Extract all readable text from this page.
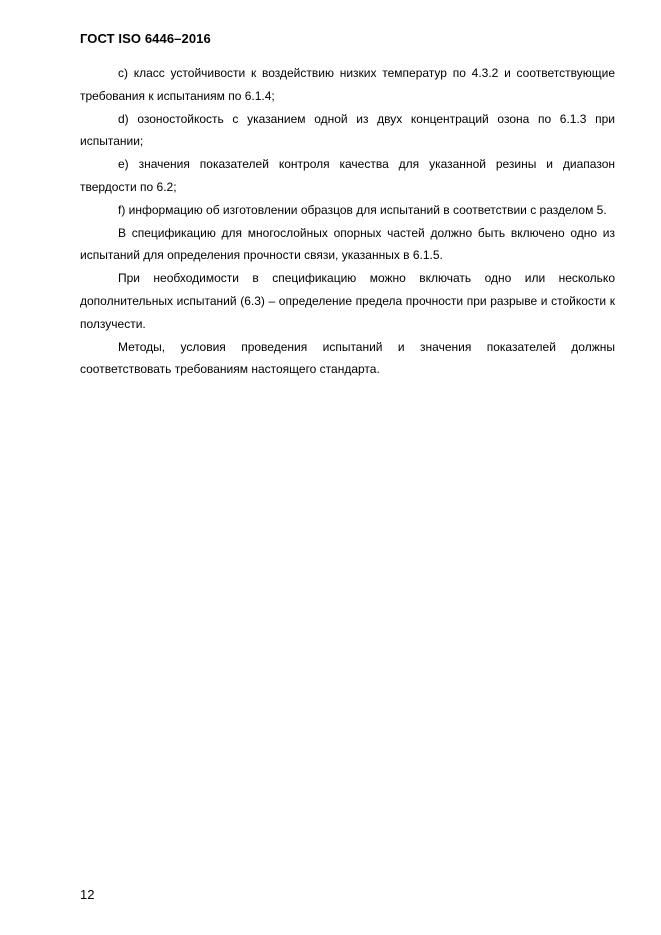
ГОСТ ISO 6446–2016

с) класс устойчивости к воздействию низких температур по 4.3.2 и соответствующие требования к испытаниям по 6.1.4;

d) озоностойкость с указанием одной из двух концентраций озона по 6.1.3 при испытании;

е) значения показателей контроля качества для указанной резины и диапазон твердости по 6.2;

f) информацию об изготовлении образцов для испытаний в соответствии с разделом 5.

В спецификацию для многослойных опорных частей должно быть включено одно из испытаний для определения прочности связи, указанных в 6.1.5.

При необходимости в спецификацию можно включать одно или несколько дополнительных испытаний (6.3) – определение предела прочности при разрыве и стойкости к ползучести.

Методы, условия проведения испытаний и значения показателей должны соответствовать требованиям настоящего стандарта.

12
